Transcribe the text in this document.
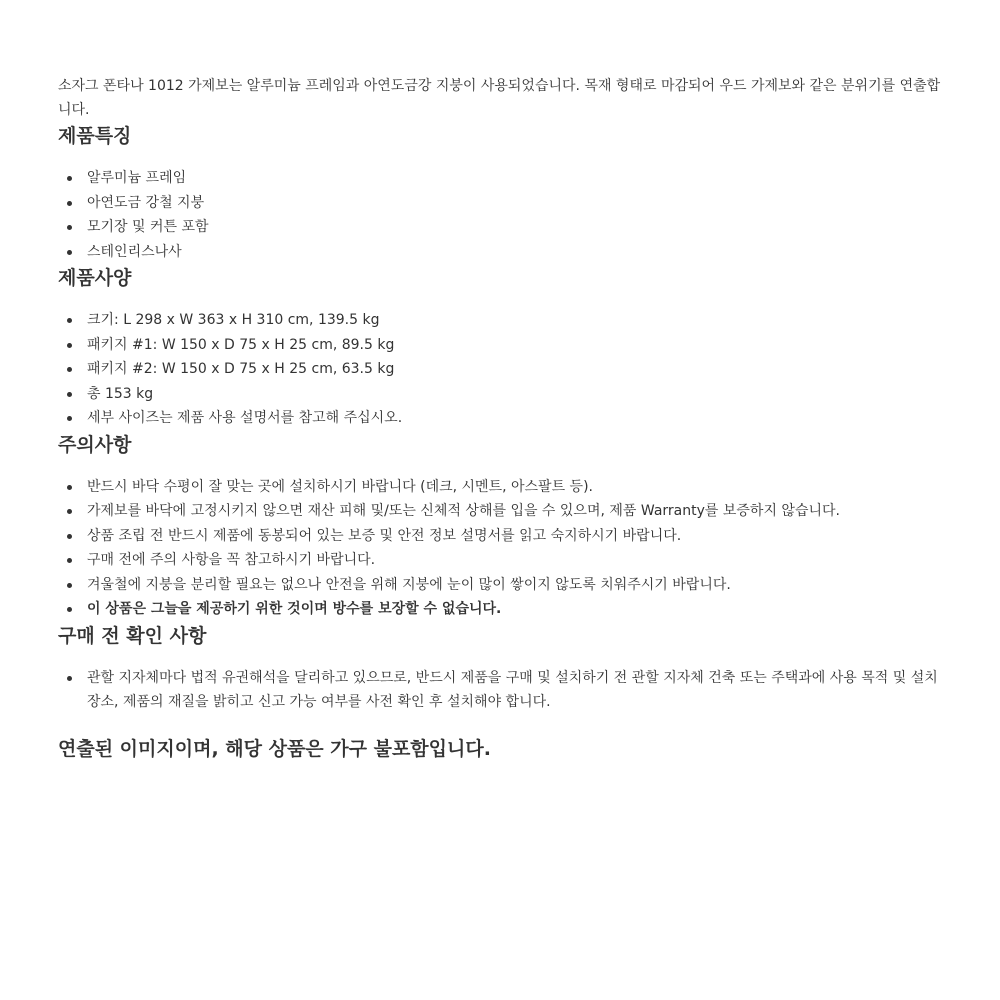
소자그 폰타나 1012 가제보는 알루미늄 프레임과 아연도금강 지붕이 사용되었습니다. 목재 형태로 마감되어 우드 가제보와 같은 분위기를 연출합니다.

제품특징
알루미늄 프레임
아연도금 강철 지붕
모기장 및 커튼 포함
스테인리스나사
제품사양
크기: L 298 x W 363 x H 310 cm, 139.5 kg
패키지 #1: W 150 x D 75 x H 25 cm, 89.5 kg
패키지 #2: W 150 x D 75 x H 25 cm, 63.5 kg
총 153 kg
세부 사이즈는 제품 사용 설명서를 참고해 주십시오.
주의사항
반드시 바닥 수평이 잘 맞는 곳에 설치하시기 바랍니다 (데크, 시멘트, 아스팔트 등).
가제보를 바닥에 고정시키지 않으면 재산 피해 및/또는 신체적 상해를 입을 수 있으며, 제품 Warranty를 보증하지 않습니다.
상품 조립 전 반드시 제품에 동봉되어 있는 보증 및 안전 정보 설명서를 읽고 숙지하시기 바랍니다.
구매 전에 주의 사항을 꼭 참고하시기 바랍니다.
겨울철에 지붕을 분리할 필요는 없으나 안전을 위해 지붕에 눈이 많이 쌓이지 않도록 치워주시기 바랍니다.
이 상품은 그늘을 제공하기 위한 것이며 방수를 보장할 수 없습니다.
구매 전 확인 사항
관할 지자체마다 법적 유권해석을 달리하고 있으므로, 반드시 제품을 구매 및 설치하기 전 관할 지자체 건축 또는 주택과에 사용 목적 및 설치 장소, 제품의 재질을 밝히고 신고 가능 여부를 사전 확인 후 설치해야 합니다.

연출된 이미지이며, 해당 상품은 가구 불포함입니다.
